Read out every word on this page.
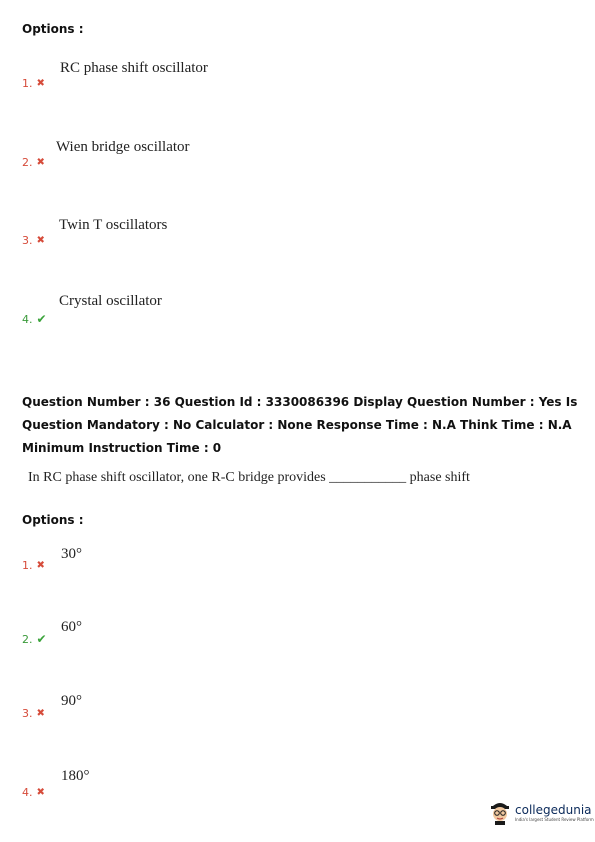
Options :
RC phase shift oscillator
1. ✖
Wien bridge oscillator
2. ✖
Twin T oscillators
3. ✖
Crystal oscillator
4. ✔
Question Number : 36 Question Id : 3330086396 Display Question Number : Yes Is Question Mandatory : No Calculator : None Response Time : N.A Think Time : N.A Minimum Instruction Time : 0
In RC phase shift oscillator, one R-C bridge provides ___________ phase shift
Options :
30°
1. ✖
60°
2. ✔
90°
3. ✖
180°
4. ✖
collegedunia
India's largest Student Review Platform
